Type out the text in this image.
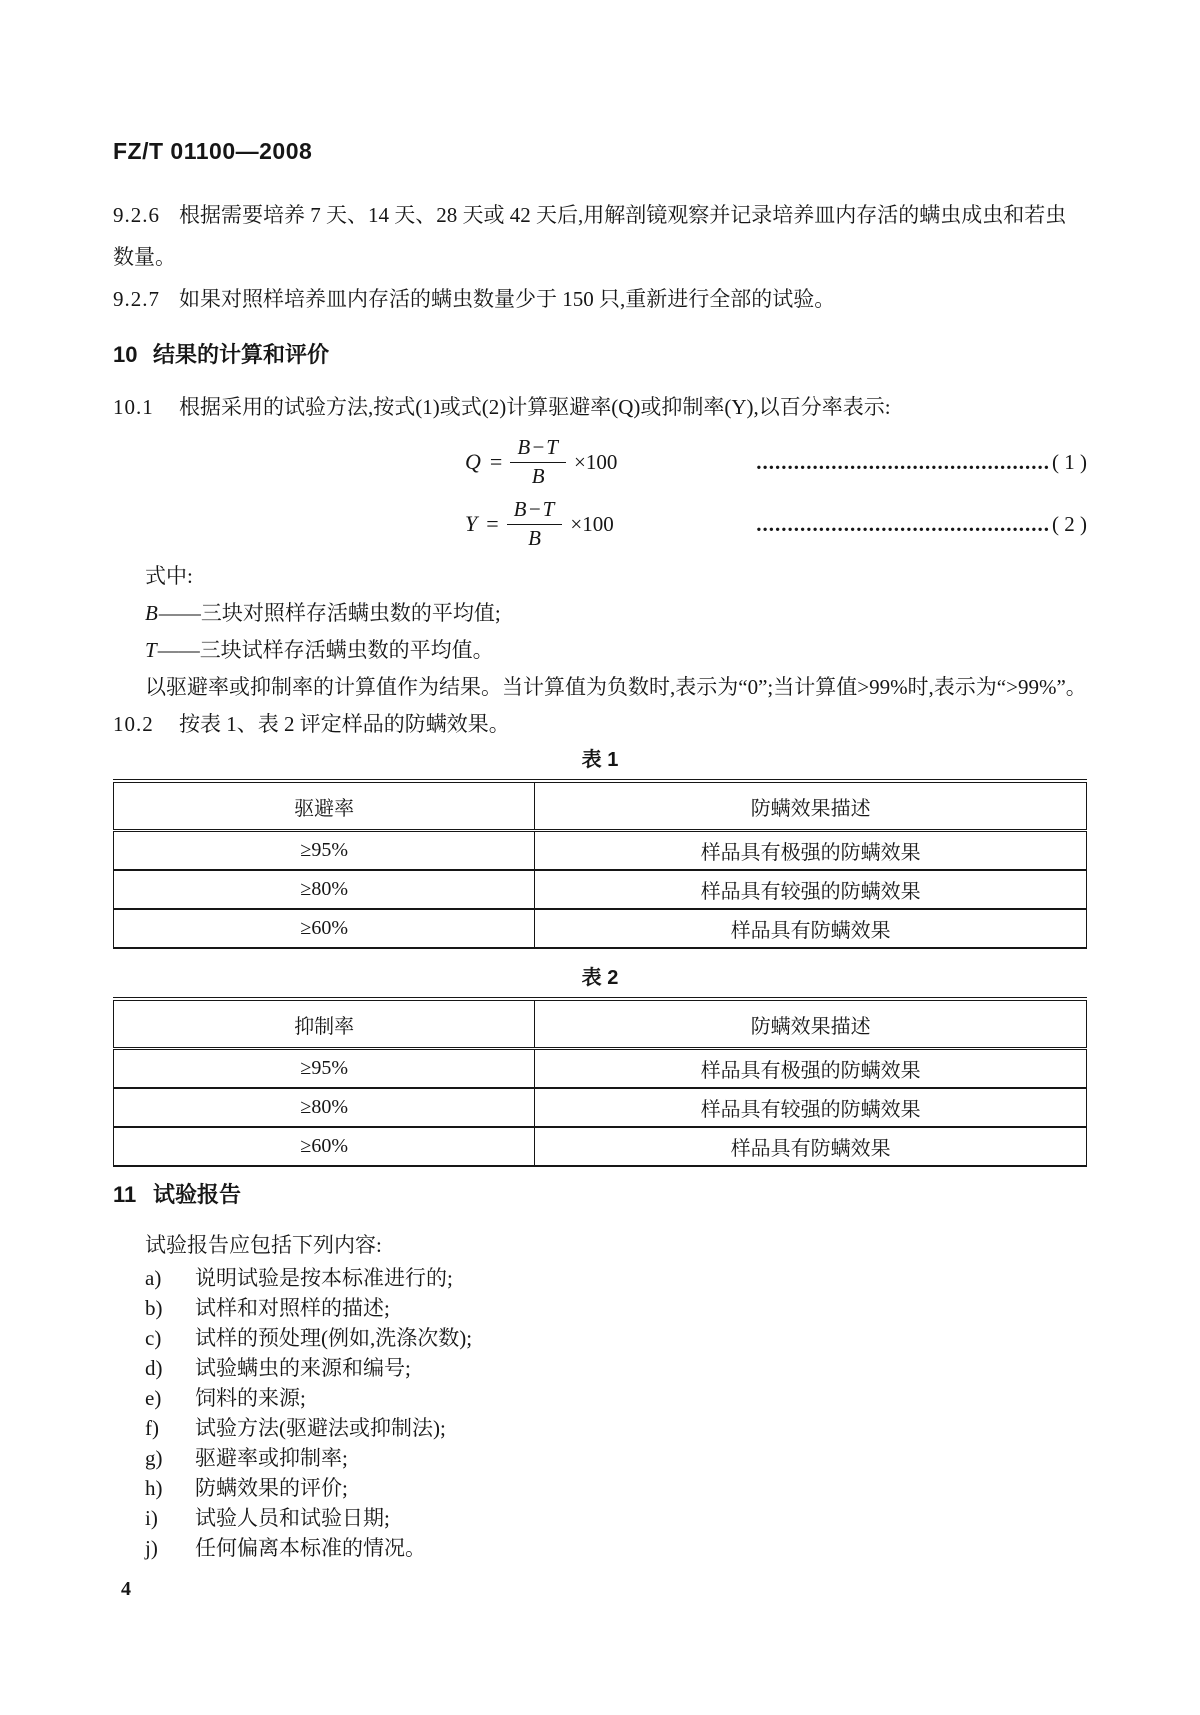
FZ/T 01100—2008
9.2.6 根据需要培养 7 天、14 天、28 天或 42 天后,用解剖镜观察并记录培养皿内存活的螨虫成虫和若虫数量。
9.2.7 如果对照样培养皿内存活的螨虫数量少于 150 只,重新进行全部的试验。
10 结果的计算和评价
10.1 根据采用的试验方法,按式(1)或式(2)计算驱避率(Q)或抑制率(Y),以百分率表示:
$Q = \frac{B-T}{B} \times 100$	............................................... ( 1 )
$Y = \frac{B-T}{B} \times 100$	............................................... ( 2 )
式中:
B——三块对照样存活螨虫数的平均值;
T——三块试样存活螨虫数的平均值。
以驱避率或抑制率的计算值作为结果。当计算值为负数时,表示为“0”;当计算值>99%时,表示为“>99%”。
10.2 按表 1、表 2 评定样品的防螨效果。
表 1
驱避率	防螨效果描述
≥95%	样品具有极强的防螨效果
≥80%	样品具有较强的防螨效果
≥60%	样品具有防螨效果
表 2
抑制率	防螨效果描述
≥95%	样品具有极强的防螨效果
≥80%	样品具有较强的防螨效果
≥60%	样品具有防螨效果
11 试验报告
试验报告应包括下列内容:
a) 说明试验是按本标准进行的;
b) 试样和对照样的描述;
c) 试样的预处理(例如,洗涤次数);
d) 试验螨虫的来源和编号;
e) 饲料的来源;
f) 试验方法(驱避法或抑制法);
g) 驱避率或抑制率;
h) 防螨效果的评价;
i) 试验人员和试验日期;
j) 任何偏离本标准的情况。
4
